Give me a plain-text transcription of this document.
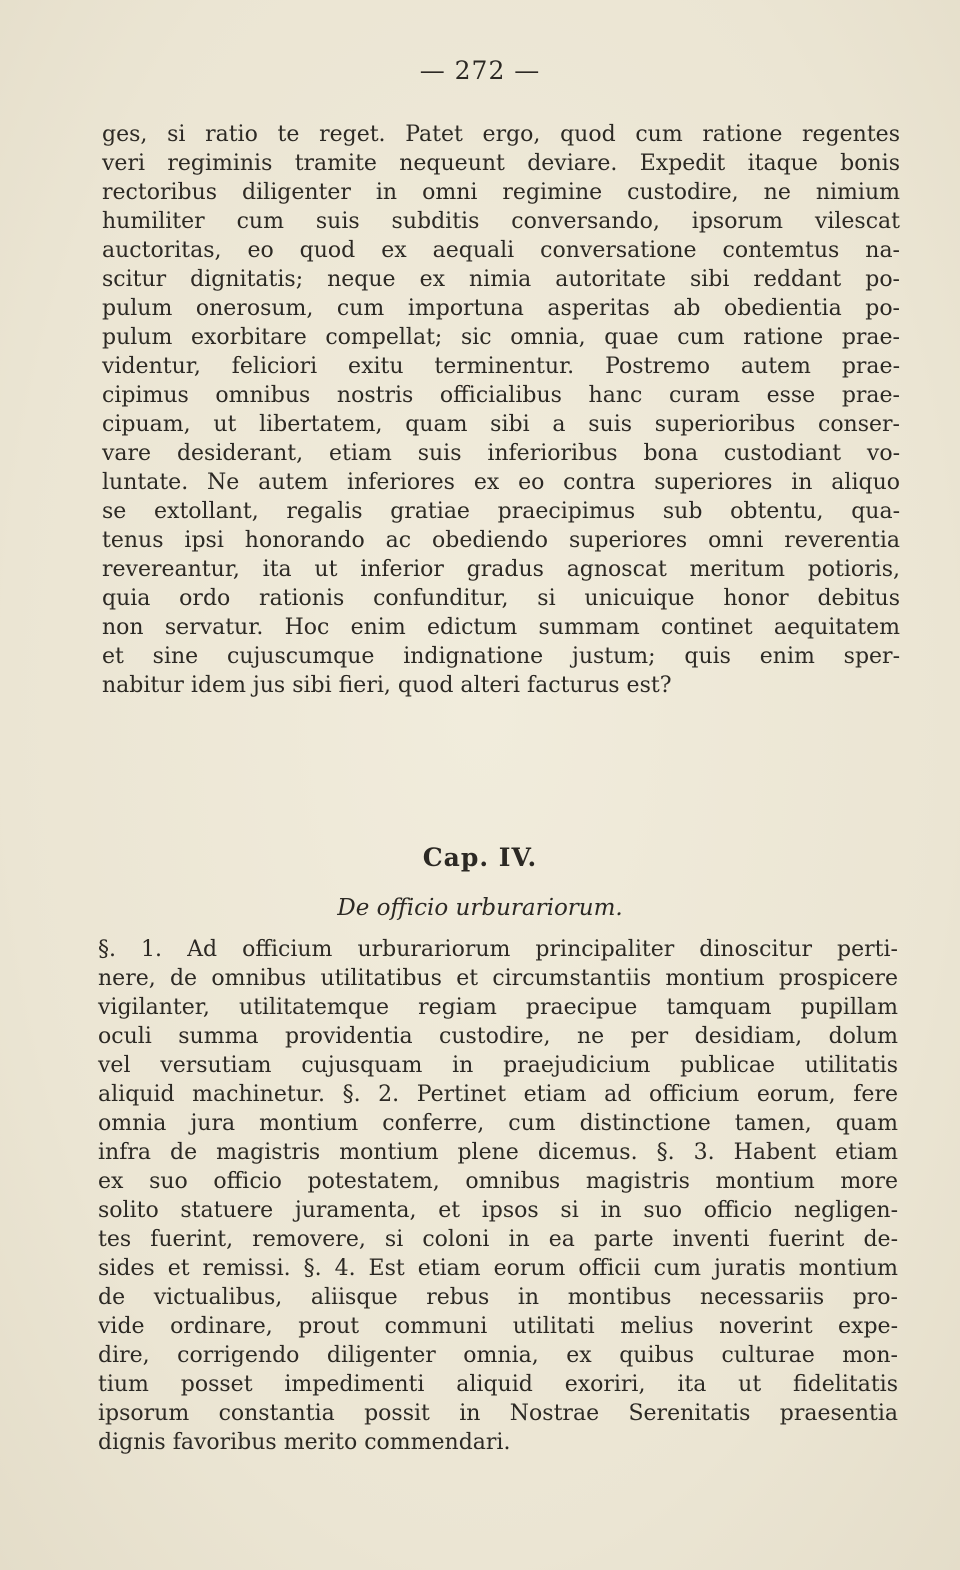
— 272 —
ges, si ratio te reget. Patet ergo, quod cum ratione regentes
veri regiminis tramite nequeunt deviare. Expedit itaque bonis
rectoribus diligenter in omni regimine custodire, ne nimium
humiliter cum suis subditis conversando, ipsorum vilescat
auctoritas, eo quod ex aequali conversatione contemtus na-
scitur dignitatis; neque ex nimia autoritate sibi reddant po-
pulum onerosum, cum importuna asperitas ab obedientia po-
pulum exorbitare compellat; sic omnia, quae cum ratione prae-
videntur, feliciori exitu terminentur. Postremo autem prae-
cipimus omnibus nostris officialibus hanc curam esse prae-
cipuam, ut libertatem, quam sibi a suis superioribus conser-
vare desiderant, etiam suis inferioribus bona custodiant vo-
luntate. Ne autem inferiores ex eo contra superiores in aliquo
se extollant, regalis gratiae praecipimus sub obtentu, qua-
tenus ipsi honorando ac obediendo superiores omni reverentia
revereantur, ita ut inferior gradus agnoscat meritum potioris,
quia ordo rationis confunditur, si unicuique honor debitus
non servatur. Hoc enim edictum summam continet aequitatem
et sine cujuscumque indignatione justum; quis enim sper-
nabitur idem jus sibi fieri, quod alteri facturus est?
Cap. IV.
De officio urburariorum.
§. 1. Ad officium urburariorum principaliter dinoscitur perti-
nere, de omnibus utilitatibus et circumstantiis montium prospicere
vigilanter, utilitatemque regiam praecipue tamquam pupillam
oculi summa providentia custodire, ne per desidiam, dolum
vel versutiam cujusquam in praejudicium publicae utilitatis
aliquid machinetur. §. 2. Pertinet etiam ad officium eorum, fere
omnia jura montium conferre, cum distinctione tamen, quam
infra de magistris montium plene dicemus. §. 3. Habent etiam
ex suo officio potestatem, omnibus magistris montium more
solito statuere juramenta, et ipsos si in suo officio negligen-
tes fuerint, removere, si coloni in ea parte inventi fuerint de-
sides et remissi. §. 4. Est etiam eorum officii cum juratis montium
de victualibus, aliisque rebus in montibus necessariis pro-
vide ordinare, prout communi utilitati melius noverint expe-
dire, corrigendo diligenter omnia, ex quibus culturae mon-
tium posset impedimenti aliquid exoriri, ita ut fidelitatis
ipsorum constantia possit in Nostrae Serenitatis praesentia
dignis favoribus merito commendari.
